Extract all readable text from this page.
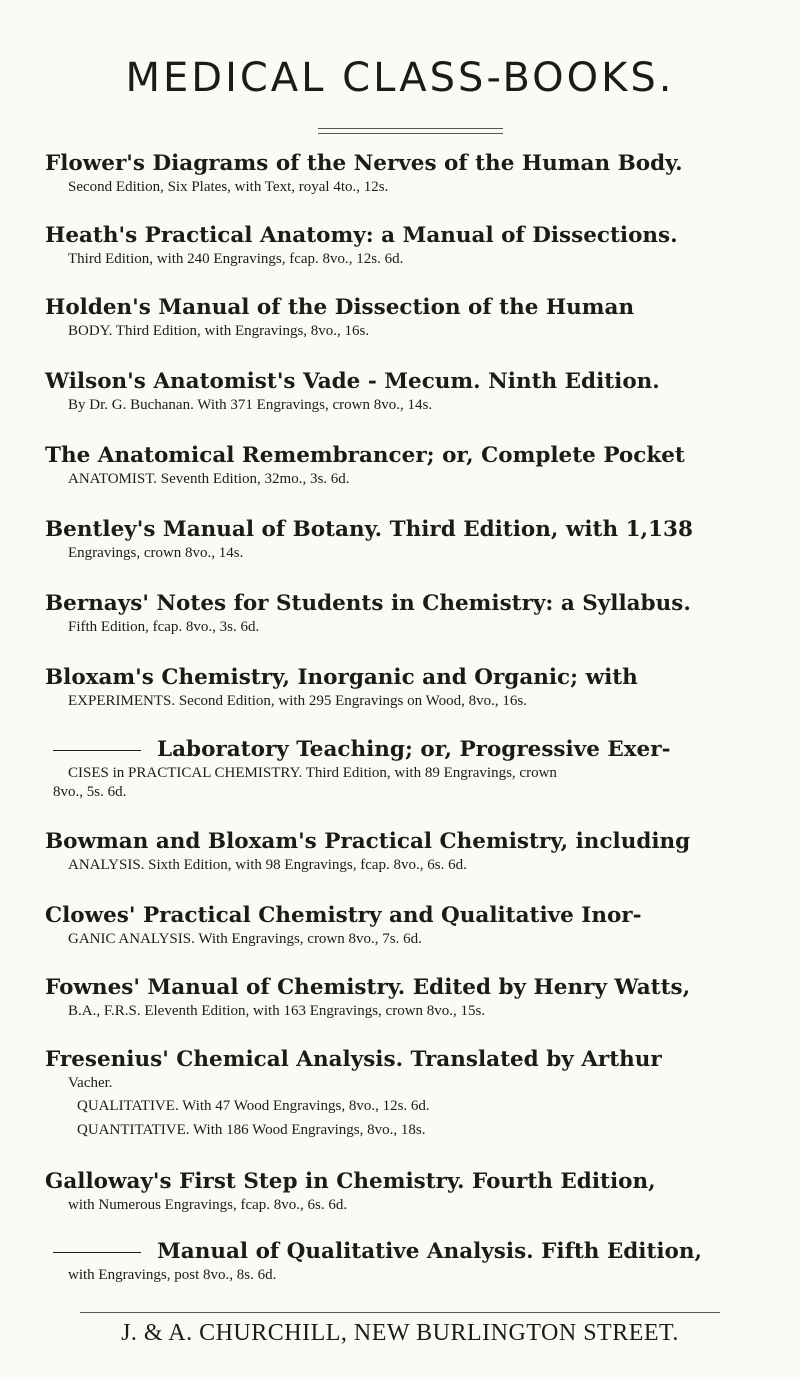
MEDICAL CLASS-BOOKS.
Flower's Diagrams of the Nerves of the Human Body.
Second Edition, Six Plates, with Text, royal 4to., 12s.
Heath's Practical Anatomy: a Manual of Dissections.
Third Edition, with 240 Engravings, fcap. 8vo., 12s. 6d.
Holden's Manual of the Dissection of the Human
BODY. Third Edition, with Engravings, 8vo., 16s.
Wilson's Anatomist's Vade - Mecum. Ninth Edition.
By Dr. G. Buchanan. With 371 Engravings, crown 8vo., 14s.
The Anatomical Remembrancer; or, Complete Pocket
ANATOMIST. Seventh Edition, 32mo., 3s. 6d.
Bentley's Manual of Botany. Third Edition, with 1,138
Engravings, crown 8vo., 14s.
Bernays' Notes for Students in Chemistry: a Syllabus.
Fifth Edition, fcap. 8vo., 3s. 6d.
Bloxam's Chemistry, Inorganic and Organic; with
EXPERIMENTS. Second Edition, with 295 Engravings on Wood, 8vo., 16s.
Laboratory Teaching; or, Progressive Exer-
CISES in PRACTICAL CHEMISTRY. Third Edition, with 89 Engravings, crown
8vo., 5s. 6d.
Bowman and Bloxam's Practical Chemistry, including
ANALYSIS. Sixth Edition, with 98 Engravings, fcap. 8vo., 6s. 6d.
Clowes' Practical Chemistry and Qualitative Inor-
GANIC ANALYSIS. With Engravings, crown 8vo., 7s. 6d.
Fownes' Manual of Chemistry. Edited by Henry Watts,
B.A., F.R.S. Eleventh Edition, with 163 Engravings, crown 8vo., 15s.
Fresenius' Chemical Analysis. Translated by Arthur
Vacher.
QUALITATIVE. With 47 Wood Engravings, 8vo., 12s. 6d.
QUANTITATIVE. With 186 Wood Engravings, 8vo., 18s.
Galloway's First Step in Chemistry. Fourth Edition,
with Numerous Engravings, fcap. 8vo., 6s. 6d.
Manual of Qualitative Analysis. Fifth Edition,
with Engravings, post 8vo., 8s. 6d.
J. & A. CHURCHILL, NEW BURLINGTON STREET.
